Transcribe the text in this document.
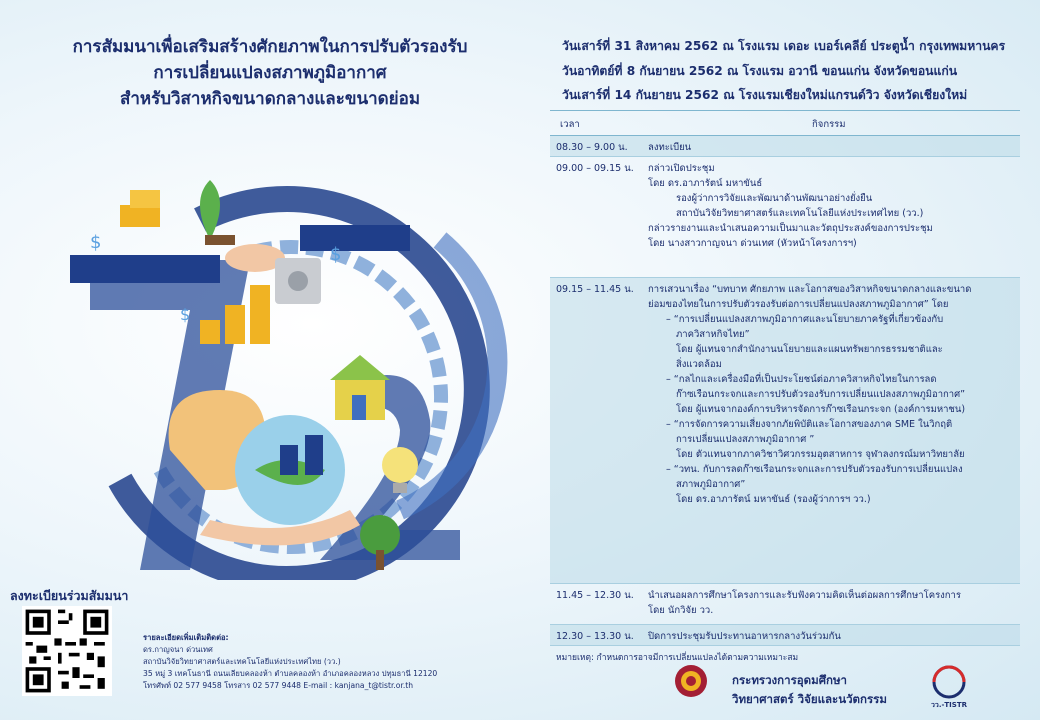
การสัมมนาเพื่อเสริมสร้างศักยภาพในการปรับตัวรองรับ
การเปลี่ยนแปลงสภาพภูมิอากาศ
สำหรับวิสาหกิจขนาดกลางและขนาดย่อม
$
$
$
ลงทะเบียนร่วมสัมมนา
รายละเอียดเพิ่มเติมติดต่อ:
ดร.กาญจนา ด่วนเทศ
สถาบันวิจัยวิทยาศาสตร์และเทคโนโลยีแห่งประเทศไทย (วว.)
35 หมู่ 3 เทคโนธานี ถนนเลียบคลองห้า ตำบลคลองห้า อำเภอคลองหลวง ปทุมธานี 12120
โทรศัพท์ 02 577 9458 โทรสาร 02 577 9448 E-mail : kanjana_t@tistr.or.th
วันเสาร์ที่ 31 สิงหาคม 2562 ณ โรงแรม เดอะ เบอร์เคลีย์ ประตูน้ำ กรุงเทพมหานคร
วันอาทิตย์ที่ 8 กันยายน 2562 ณ โรงแรม อวานี ขอนแก่น จังหวัดขอนแก่น
วันเสาร์ที่ 14 กันยายน 2562 ณ โรงแรมเชียงใหม่แกรนด์วิว จังหวัดเชียงใหม่
เวลา	กิจกรรม
08.30 – 9.00 น.	ลงทะเบียน
09.00 – 09.15 น.	กล่าวเปิดประชุม
โดย ดร.อาภารัตน์ มหาขันธ์
รองผู้ว่าการวิจัยและพัฒนาด้านพัฒนาอย่างยั่งยืน
สถาบันวิจัยวิทยาศาสตร์และเทคโนโลยีแห่งประเทศไทย (วว.)
กล่าวรายงานและนำเสนอความเป็นมาและวัตถุประสงค์ของการประชุม
โดย นางสาวกาญจนา ด่วนเทศ (หัวหน้าโครงการฯ)
09.15 – 11.45 น.	การเสวนาเรื่อง “บทบาท ศักยภาพ และโอกาสของวิสาหกิจขนาดกลางและขนาด
ย่อมของไทยในการปรับตัวรองรับต่อการเปลี่ยนแปลงสภาพภูมิอากาศ” โดย
– “การเปลี่ยนแปลงสภาพภูมิอากาศและนโยบายภาครัฐที่เกี่ยวข้องกับ
ภาควิสาหกิจไทย”
โดย ผู้แทนจากสำนักงานนโยบายและแผนทรัพยากรธรรมชาติและ
สิ่งแวดล้อม
– “กลไกและเครื่องมือที่เป็นประโยชน์ต่อภาควิสาหกิจไทยในการลด
ก๊าซเรือนกระจกและการปรับตัวรองรับการเปลี่ยนแปลงสภาพภูมิอากาศ”
โดย ผู้แทนจากองค์การบริหารจัดการก๊าซเรือนกระจก (องค์การมหาชน)
– “การจัดการความเสี่ยงจากภัยพิบัติและโอกาสของภาค SME ในวิกฤติ
การเปลี่ยนแปลงสภาพภูมิอากาศ ”
โดย ตัวแทนจากภาควิชาวิศวกรรมอุตสาหการ จุฬาลงกรณ์มหาวิทยาลัย
– “วทน. กับการลดก๊าซเรือนกระจกและการปรับตัวรองรับการเปลี่ยนแปลง
สภาพภูมิอากาศ”
โดย ดร.อาภารัตน์ มหาขันธ์ (รองผู้ว่าการฯ วว.)
11.45 – 12.30 น.	นำเสนอผลการศึกษาโครงการและรับฟังความคิดเห็นต่อผลการศึกษาโครงการ
โดย นักวิจัย วว.
12.30 – 13.30 น.	ปิดการประชุมรับประทานอาหารกลางวันร่วมกัน
หมายเหตุ: กำหนดการอาจมีการเปลี่ยนแปลงได้ตามความเหมาะสม
กระทรวงการอุดมศึกษา
วิทยาศาสตร์ วิจัยและนวัตกรรม	วว.-TISTR
